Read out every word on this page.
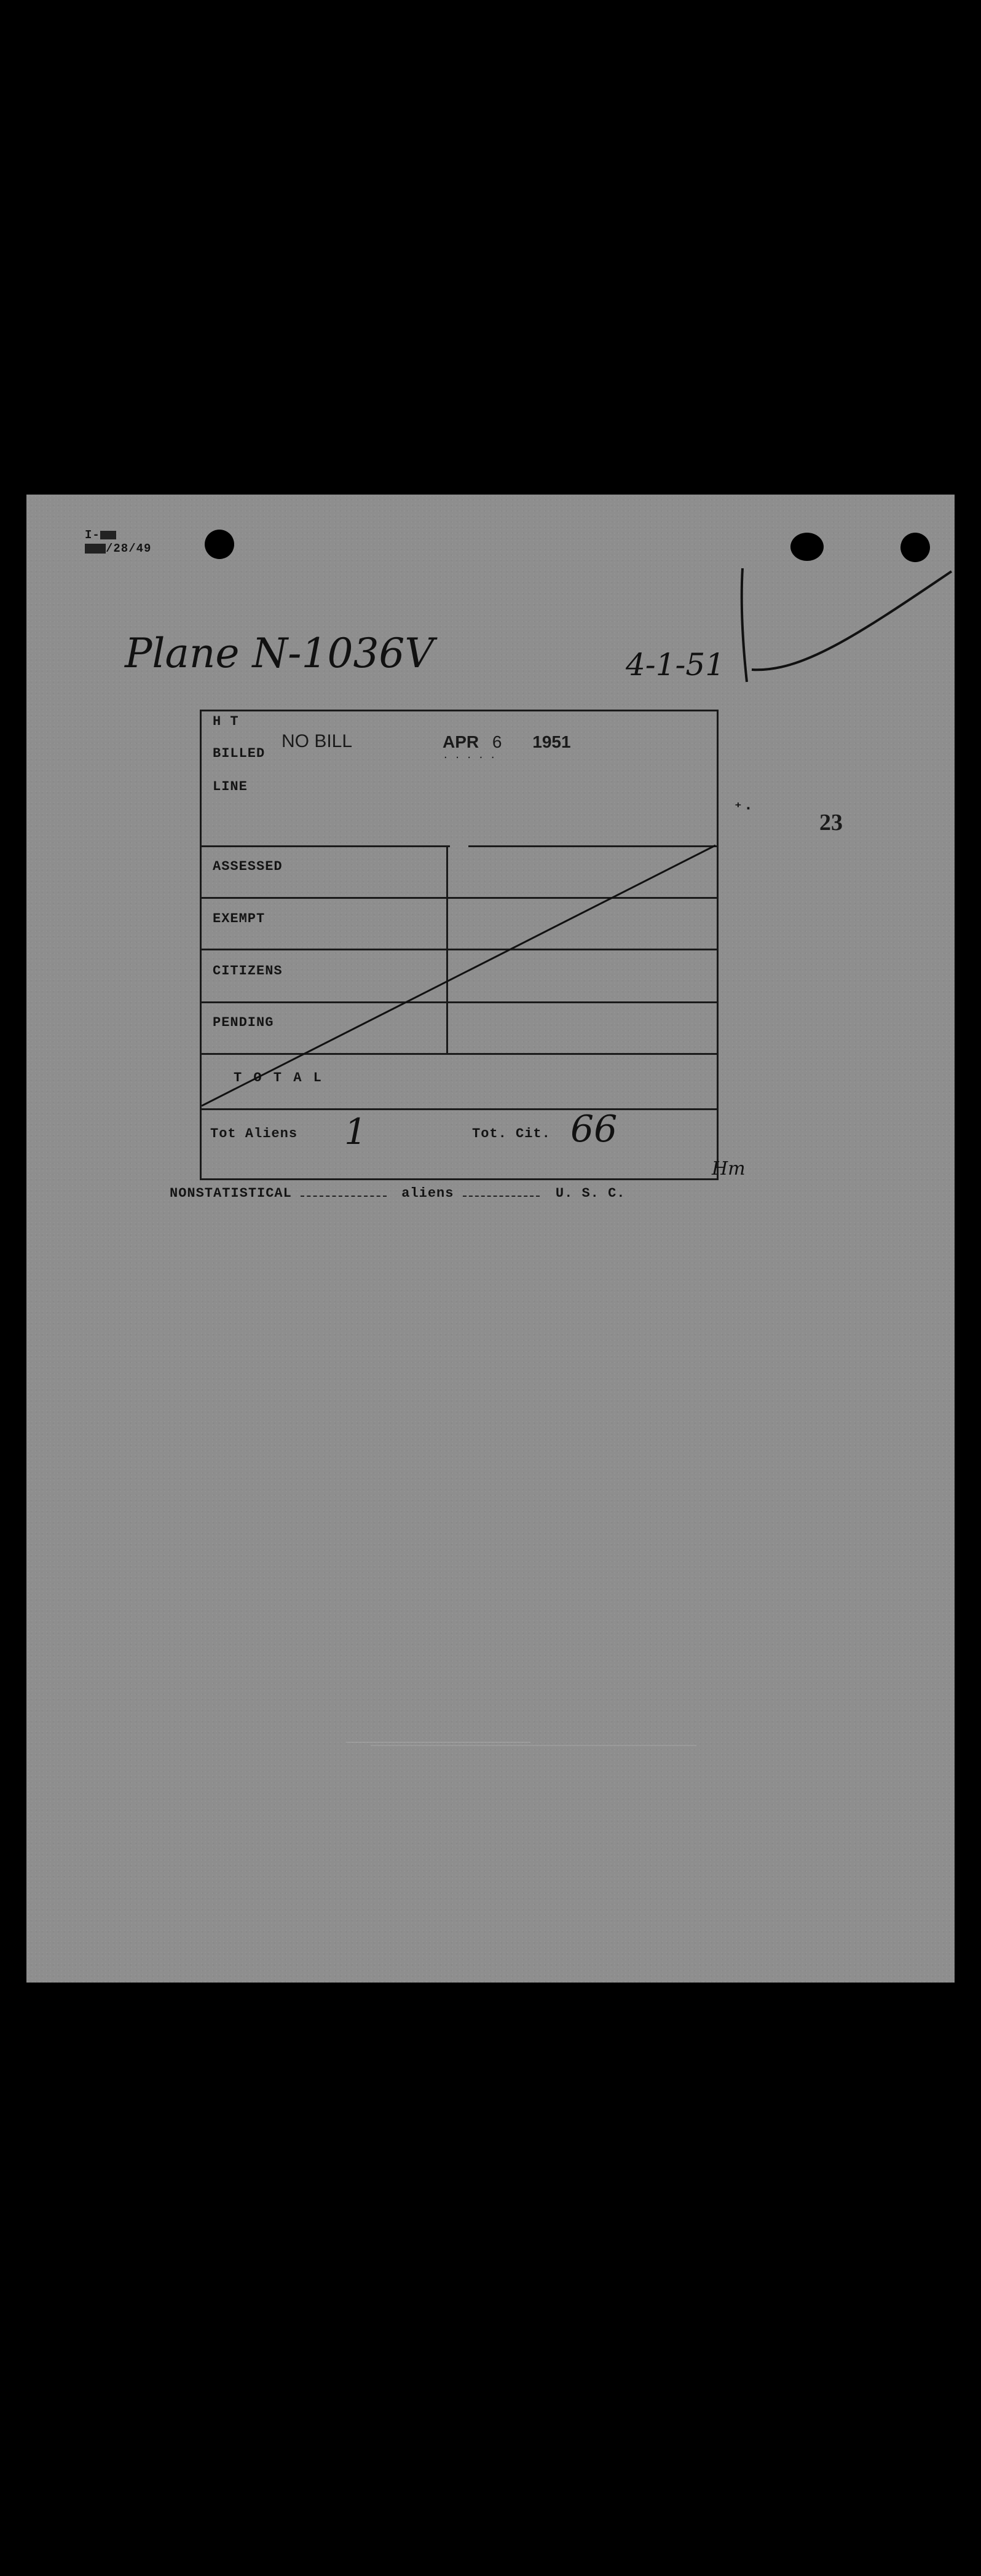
I-
/28/49
Plane N-1036V	4-1-51
⁺·
23
H T
BILLED
NO BILL	APR 6 1951
· · · · ·
LINE
ASSESSED
EXEMPT
CITIZENS
PENDING
T O T A L
Tot Aliens 1	Tot. Cit. 66
Hm
NONSTATISTICAL	aliens	U. S. C.
